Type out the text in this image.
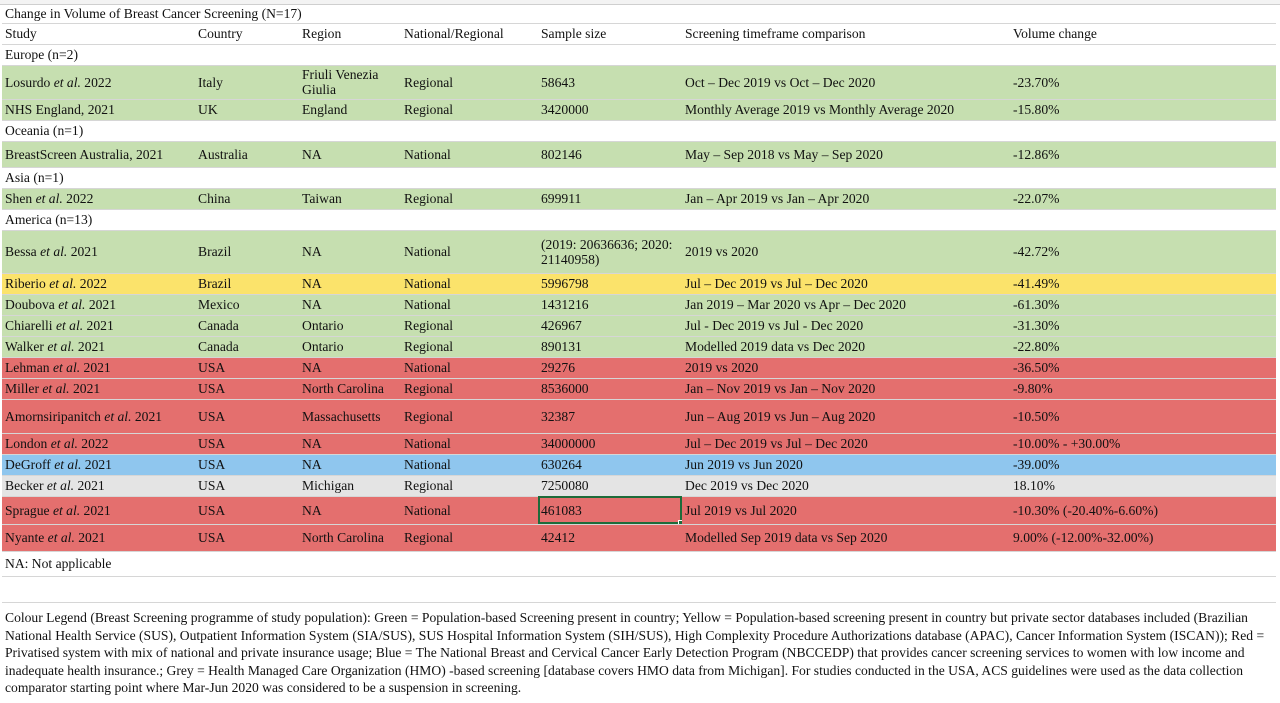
Change in Volume of Breast Cancer Screening (N=17)						
Study	Country	Region	National/Regional	Sample size	Screening timeframe comparison	Volume change
Europe (n=2)						
Losurdo et al. 2022	Italy	Friuli Venezia Giulia	Regional	58643	Oct – Dec 2019 vs Oct – Dec 2020	-23.70%
NHS England, 2021	UK	England	Regional	3420000	Monthly Average 2019 vs Monthly Average 2020	-15.80%
Oceania (n=1)						
BreastScreen Australia, 2021	Australia	NA	National	802146	May – Sep 2018 vs May – Sep 2020	-12.86%
Asia (n=1)						
Shen et al. 2022	China	Taiwan	Regional	699911	Jan – Apr 2019 vs Jan – Apr 2020	-22.07%
America (n=13)						
Bessa et al. 2021	Brazil	NA	National	(2019: 20636636; 2020: 21140958)	2019 vs 2020	-42.72%
Riberio et al. 2022	Brazil	NA	National	5996798	Jul – Dec 2019 vs Jul – Dec 2020	-41.49%
Doubova et al. 2021	Mexico	NA	National	1431216	Jan 2019 – Mar 2020 vs Apr – Dec 2020	-61.30%
Chiarelli et al. 2021	Canada	Ontario	Regional	426967	Jul - Dec 2019 vs Jul - Dec 2020	-31.30%
Walker et al. 2021	Canada	Ontario	Regional	890131	Modelled 2019 data vs Dec 2020	-22.80%
Lehman et al. 2021	USA	NA	National	29276	2019 vs 2020	-36.50%
Miller et al. 2021	USA	North Carolina	Regional	8536000	Jan – Nov 2019 vs Jan – Nov 2020	-9.80%
Amornsiripanitch et al. 2021	USA	Massachusetts	Regional	32387	Jun – Aug 2019 vs Jun – Aug 2020	-10.50%
London et al. 2022	USA	NA	National	34000000	Jul – Dec 2019 vs Jul – Dec 2020	-10.00% - +30.00%
DeGroff et al. 2021	USA	NA	National	630264	Jun 2019 vs Jun 2020	-39.00%
Becker et al. 2021	USA	Michigan	Regional	7250080	Dec 2019 vs Dec 2020	18.10%
Sprague et al. 2021	USA	NA	National	461083	Jul 2019 vs Jul 2020	-10.30% (-20.40%-6.60%)
Nyante et al. 2021	USA	North Carolina	Regional	42412	Modelled Sep 2019 data vs Sep 2020	9.00% (-12.00%-32.00%)
NA: Not applicable						
Colour Legend (Breast Screening programme of study population): Green = Population-based Screening present in country; Yellow = Population-based screening present in country but private sector databases included (Brazilian National Health Service (SUS), Outpatient Information System (SIA/SUS), SUS Hospital Information System (SIH/SUS), High Complexity Procedure Authorizations database (APAC), Cancer Information System (ISCAN)); Red = Privatised system with mix of national and private insurance usage; Blue = The National Breast and Cervical Cancer Early Detection Program (NBCCEDP) that provides cancer screening services to women with low income and inadequate health insurance.; Grey = Health Managed Care Organization (HMO) -based screening [database covers HMO data from Michigan]. For studies conducted in the USA, ACS guidelines were used as the data collection comparator starting point where Mar-Jun 2020 was considered to be a suspension in screening.
